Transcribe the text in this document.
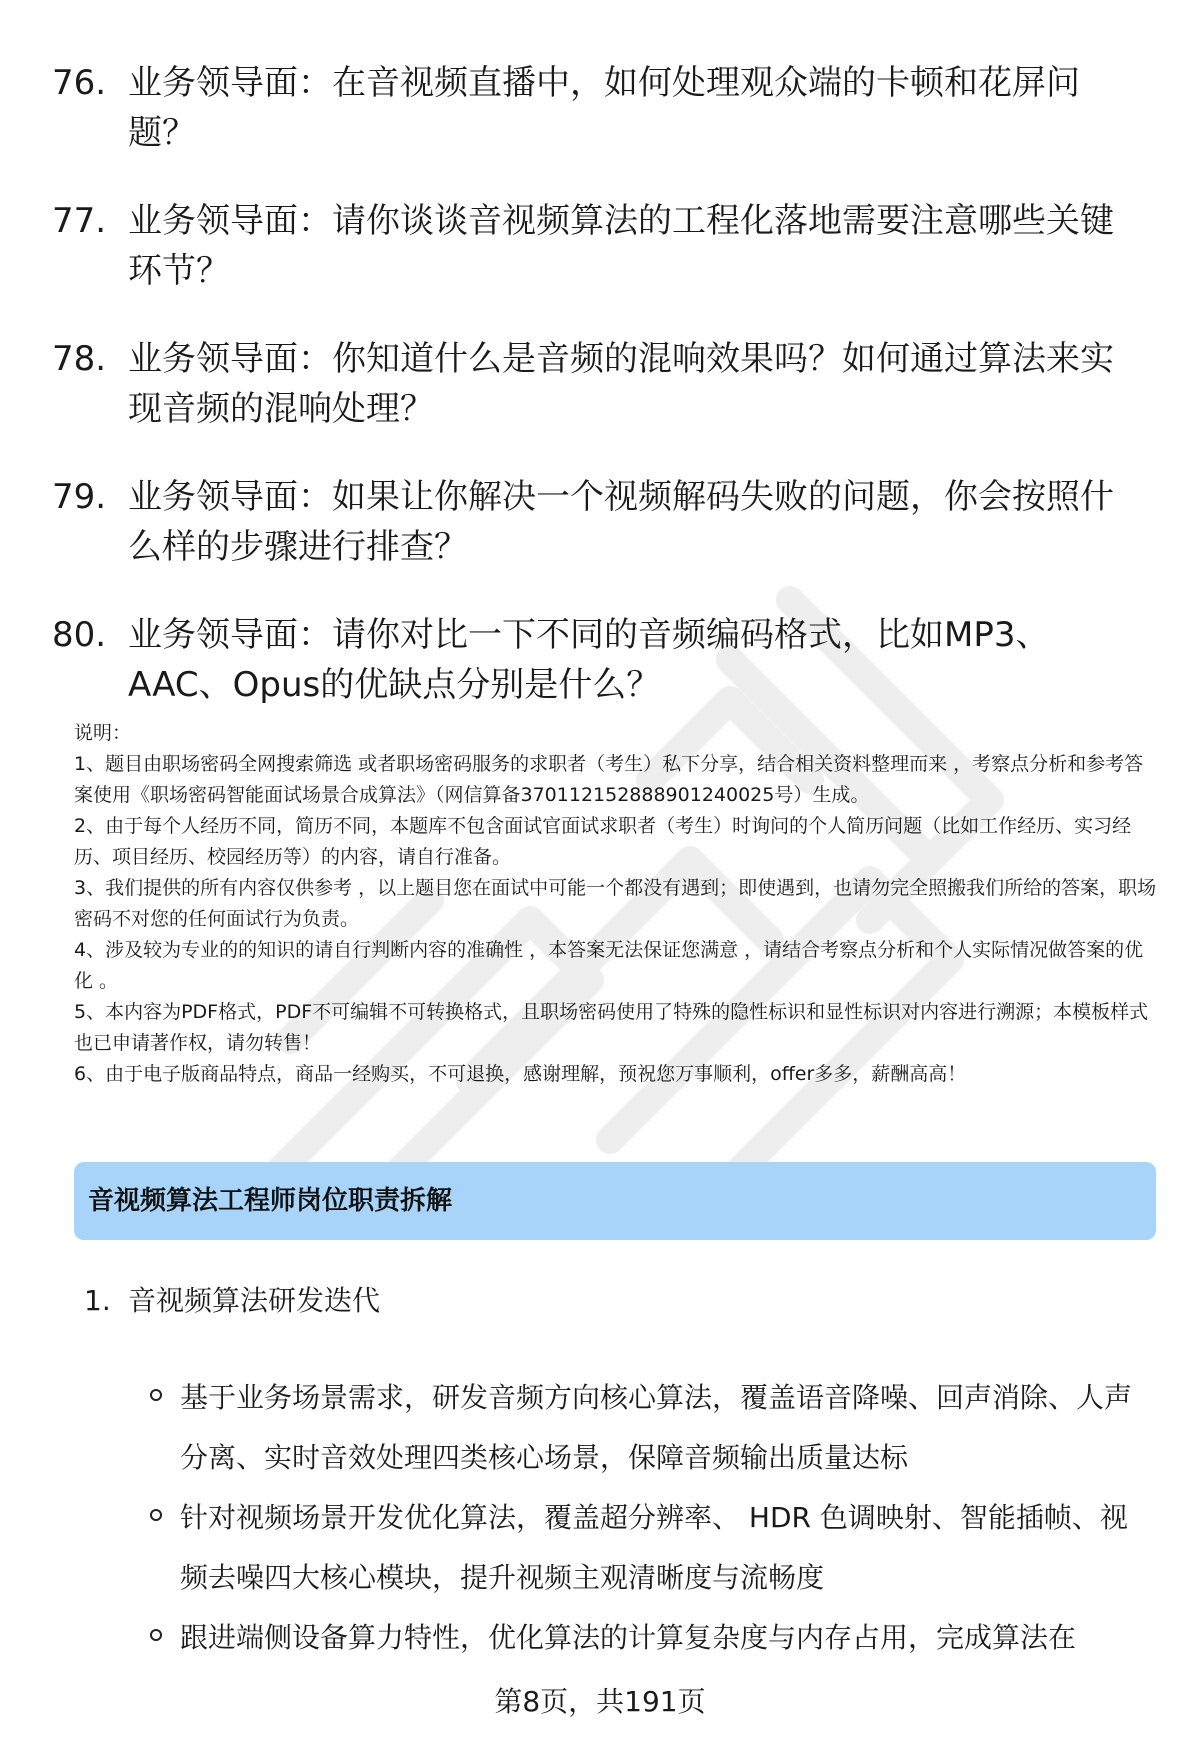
76. 业务领导面：在音视频直播中，如何处理观众端的卡顿和花屏问题？
77. 业务领导面：请你谈谈音视频算法的工程化落地需要注意哪些关键环节？
78. 业务领导面：你知道什么是音频的混响效果吗？如何通过算法来实现音频的混响处理？
79. 业务领导面：如果让你解决一个视频解码失败的问题，你会按照什么样的步骤进行排查？
80. 业务领导面：请你对比一下不同的音频编码格式，比如MP3、AAC、Opus的优缺点分别是什么？

说明：

1、题目由职场密码全网搜索筛选 或者职场密码服务的求职者（考生）私下分享，结合相关资料整理而来 ，考察点分析和参考答案使用《职场密码智能面试场景合成算法》（网信算备370112152888901240025号）生成。

2、由于每个人经历不同，简历不同，本题库不包含面试官面试求职者（考生）时询问的个人简历问题（比如工作经历、实习经历、项目经历、校园经历等）的内容，请自行准备。

3、我们提供的所有内容仅供参考 ，以上题目您在面试中可能一个都没有遇到；即使遇到，也请勿完全照搬我们所给的答案，职场密码不对您的任何面试行为负责。

4、涉及较为专业的的知识的请自行判断内容的准确性 ，本答案无法保证您满意 ，请结合考察点分析和个人实际情况做答案的优化 。

5、本内容为PDF格式，PDF不可编辑不可转换格式，且职场密码使用了特殊的隐性标识和显性标识对内容进行溯源；本模板样式也已申请著作权，请勿转售！

6、由于电子版商品特点，商品一经购买，不可退换，感谢理解，预祝您万事顺利，offer多多，薪酬高高！

音视频算法工程师岗位职责拆解
1. 音视频算法研发迭代
基于业务场景需求，研发音频方向核心算法，覆盖语音降噪、回声消除、人声分离、实时音效处理四类核心场景，保障音频输出质量达标
针对视频场景开发优化算法，覆盖超分辨率、 HDR 色调映射、智能插帧、视频去噪四大核心模块，提升视频主观清晰度与流畅度
跟进端侧设备算力特性，优化算法的计算复杂度与内存占用，完成算法在
第8页，共191页
